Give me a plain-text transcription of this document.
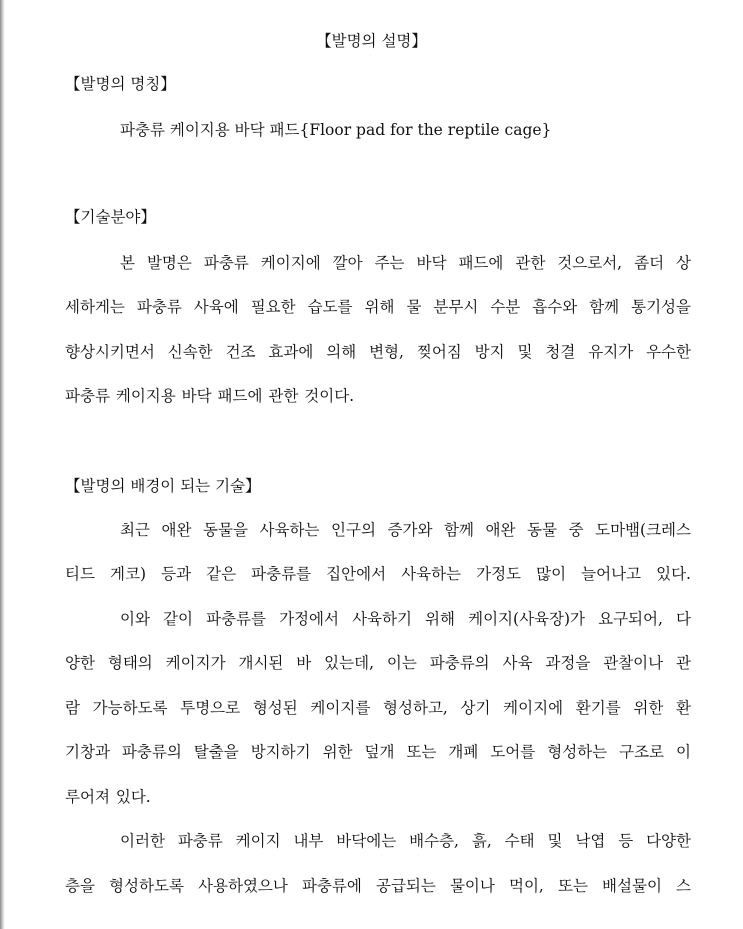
【발명의 설명】
【발명의 명칭】
파충류 케이지용 바닥 패드{Floor pad for the reptile cage}
【기술분야】
본 발명은 파충류 케이지에 깔아 주는 바닥 패드에 관한 것으로서, 좀더 상
세하게는 파충류 사육에 필요한 습도를 위해 물 분무시 수분 흡수와 함께 통기성을
향상시키면서 신속한 건조 효과에 의해 변형, 찢어짐 방지 및 청결 유지가 우수한
파충류 케이지용 바닥 패드에 관한 것이다.
【발명의 배경이 되는 기술】
최근 애완 동물을 사육하는 인구의 증가와 함께 애완 동물 중 도마뱀(크레스
티드 게코) 등과 같은 파충류를 집안에서 사육하는 가정도 많이 늘어나고 있다.
이와 같이 파충류를 가정에서 사육하기 위해 케이지(사육장)가 요구되어, 다
양한 형태의 케이지가 개시된 바 있는데, 이는 파충류의 사육 과정을 관찰이나 관
람 가능하도록 투명으로 형성된 케이지를 형성하고, 상기 케이지에 환기를 위한 환
기창과 파충류의 탈출을 방지하기 위한 덮개 또는 개폐 도어를 형성하는 구조로 이
루어져 있다.
이러한 파충류 케이지 내부 바닥에는 배수층, 흙, 수태 및 낙엽 등 다양한
층을 형성하도록 사용하였으나 파충류에 공급되는 물이나 먹이, 또는 배설물이 스
